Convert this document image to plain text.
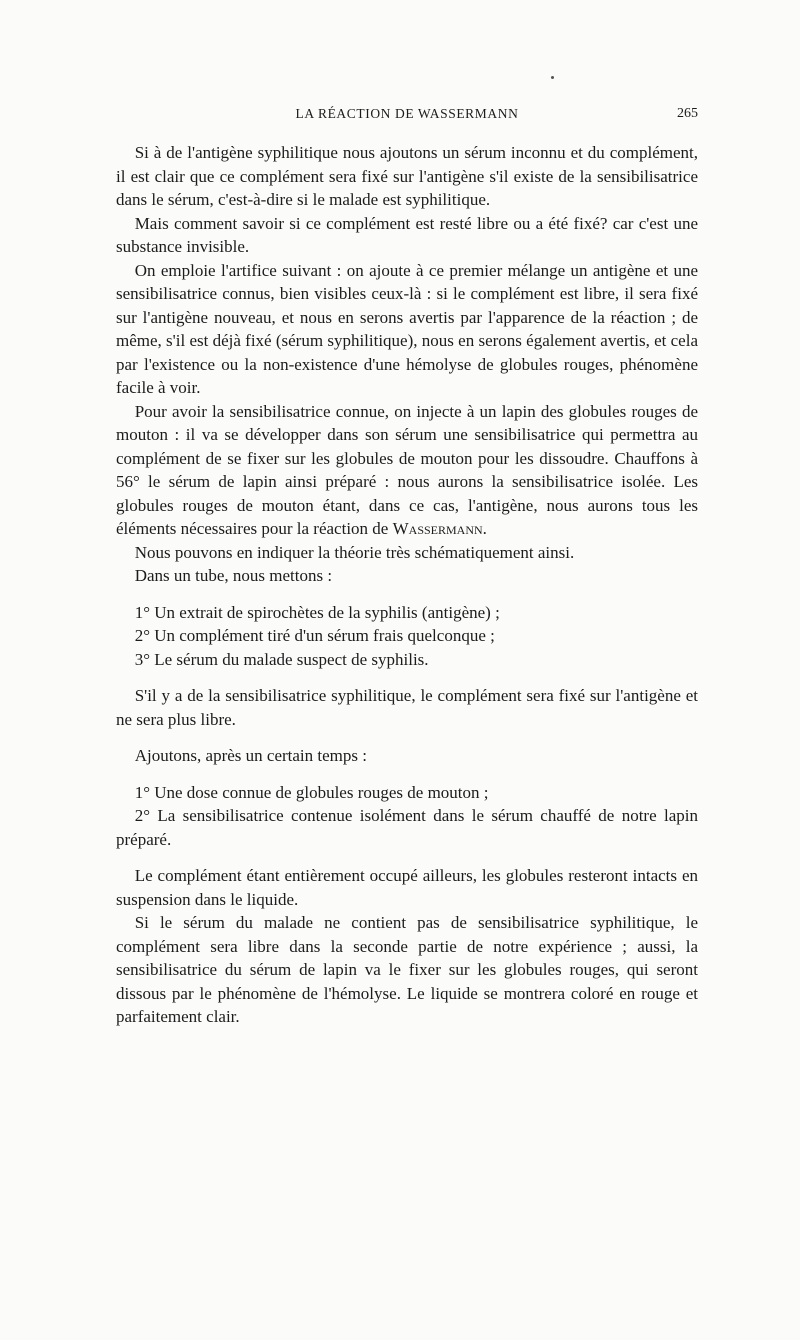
LA RÉACTION DE WASSERMANN	265

Si à de l'antigène syphilitique nous ajoutons un sérum inconnu et du complément, il est clair que ce complément sera fixé sur l'antigène s'il existe de la sensibilisatrice dans le sérum, c'est-à-dire si le malade est syphilitique.

Mais comment savoir si ce complément est resté libre ou a été fixé? car c'est une substance invisible.

On emploie l'artifice suivant : on ajoute à ce premier mélange un antigène et une sensibilisatrice connus, bien visibles ceux-là : si le complément est libre, il sera fixé sur l'antigène nouveau, et nous en serons avertis par l'apparence de la réaction ; de même, s'il est déjà fixé (sérum syphilitique), nous en serons également avertis, et cela par l'existence ou la non-existence d'une hémolyse de globules rouges, phénomène facile à voir.

Pour avoir la sensibilisatrice connue, on injecte à un lapin des globules rouges de mouton : il va se développer dans son sérum une sensibilisatrice qui permettra au complément de se fixer sur les globules de mouton pour les dissoudre. Chauffons à 56° le sérum de lapin ainsi préparé : nous aurons la sensibilisatrice isolée. Les globules rouges de mouton étant, dans ce cas, l'antigène, nous aurons tous les éléments nécessaires pour la réaction de Wassermann.

Nous pouvons en indiquer la théorie très schématiquement ainsi.

Dans un tube, nous mettons :

1° Un extrait de spirochètes de la syphilis (antigène) ;
2° Un complément tiré d'un sérum frais quelconque ;
3° Le sérum du malade suspect de syphilis.

S'il y a de la sensibilisatrice syphilitique, le complément sera fixé sur l'antigène et ne sera plus libre.

Ajoutons, après un certain temps :

1° Une dose connue de globules rouges de mouton ;
2° La sensibilisatrice contenue isolément dans le sérum chauffé de notre lapin préparé.

Le complément étant entièrement occupé ailleurs, les globules resteront intacts en suspension dans le liquide.

Si le sérum du malade ne contient pas de sensibilisatrice syphilitique, le complément sera libre dans la seconde partie de notre expérience ; aussi, la sensibilisatrice du sérum de lapin va le fixer sur les globules rouges, qui seront dissous par le phénomène de l'hémolyse. Le liquide se montrera coloré en rouge et parfaitement clair.
